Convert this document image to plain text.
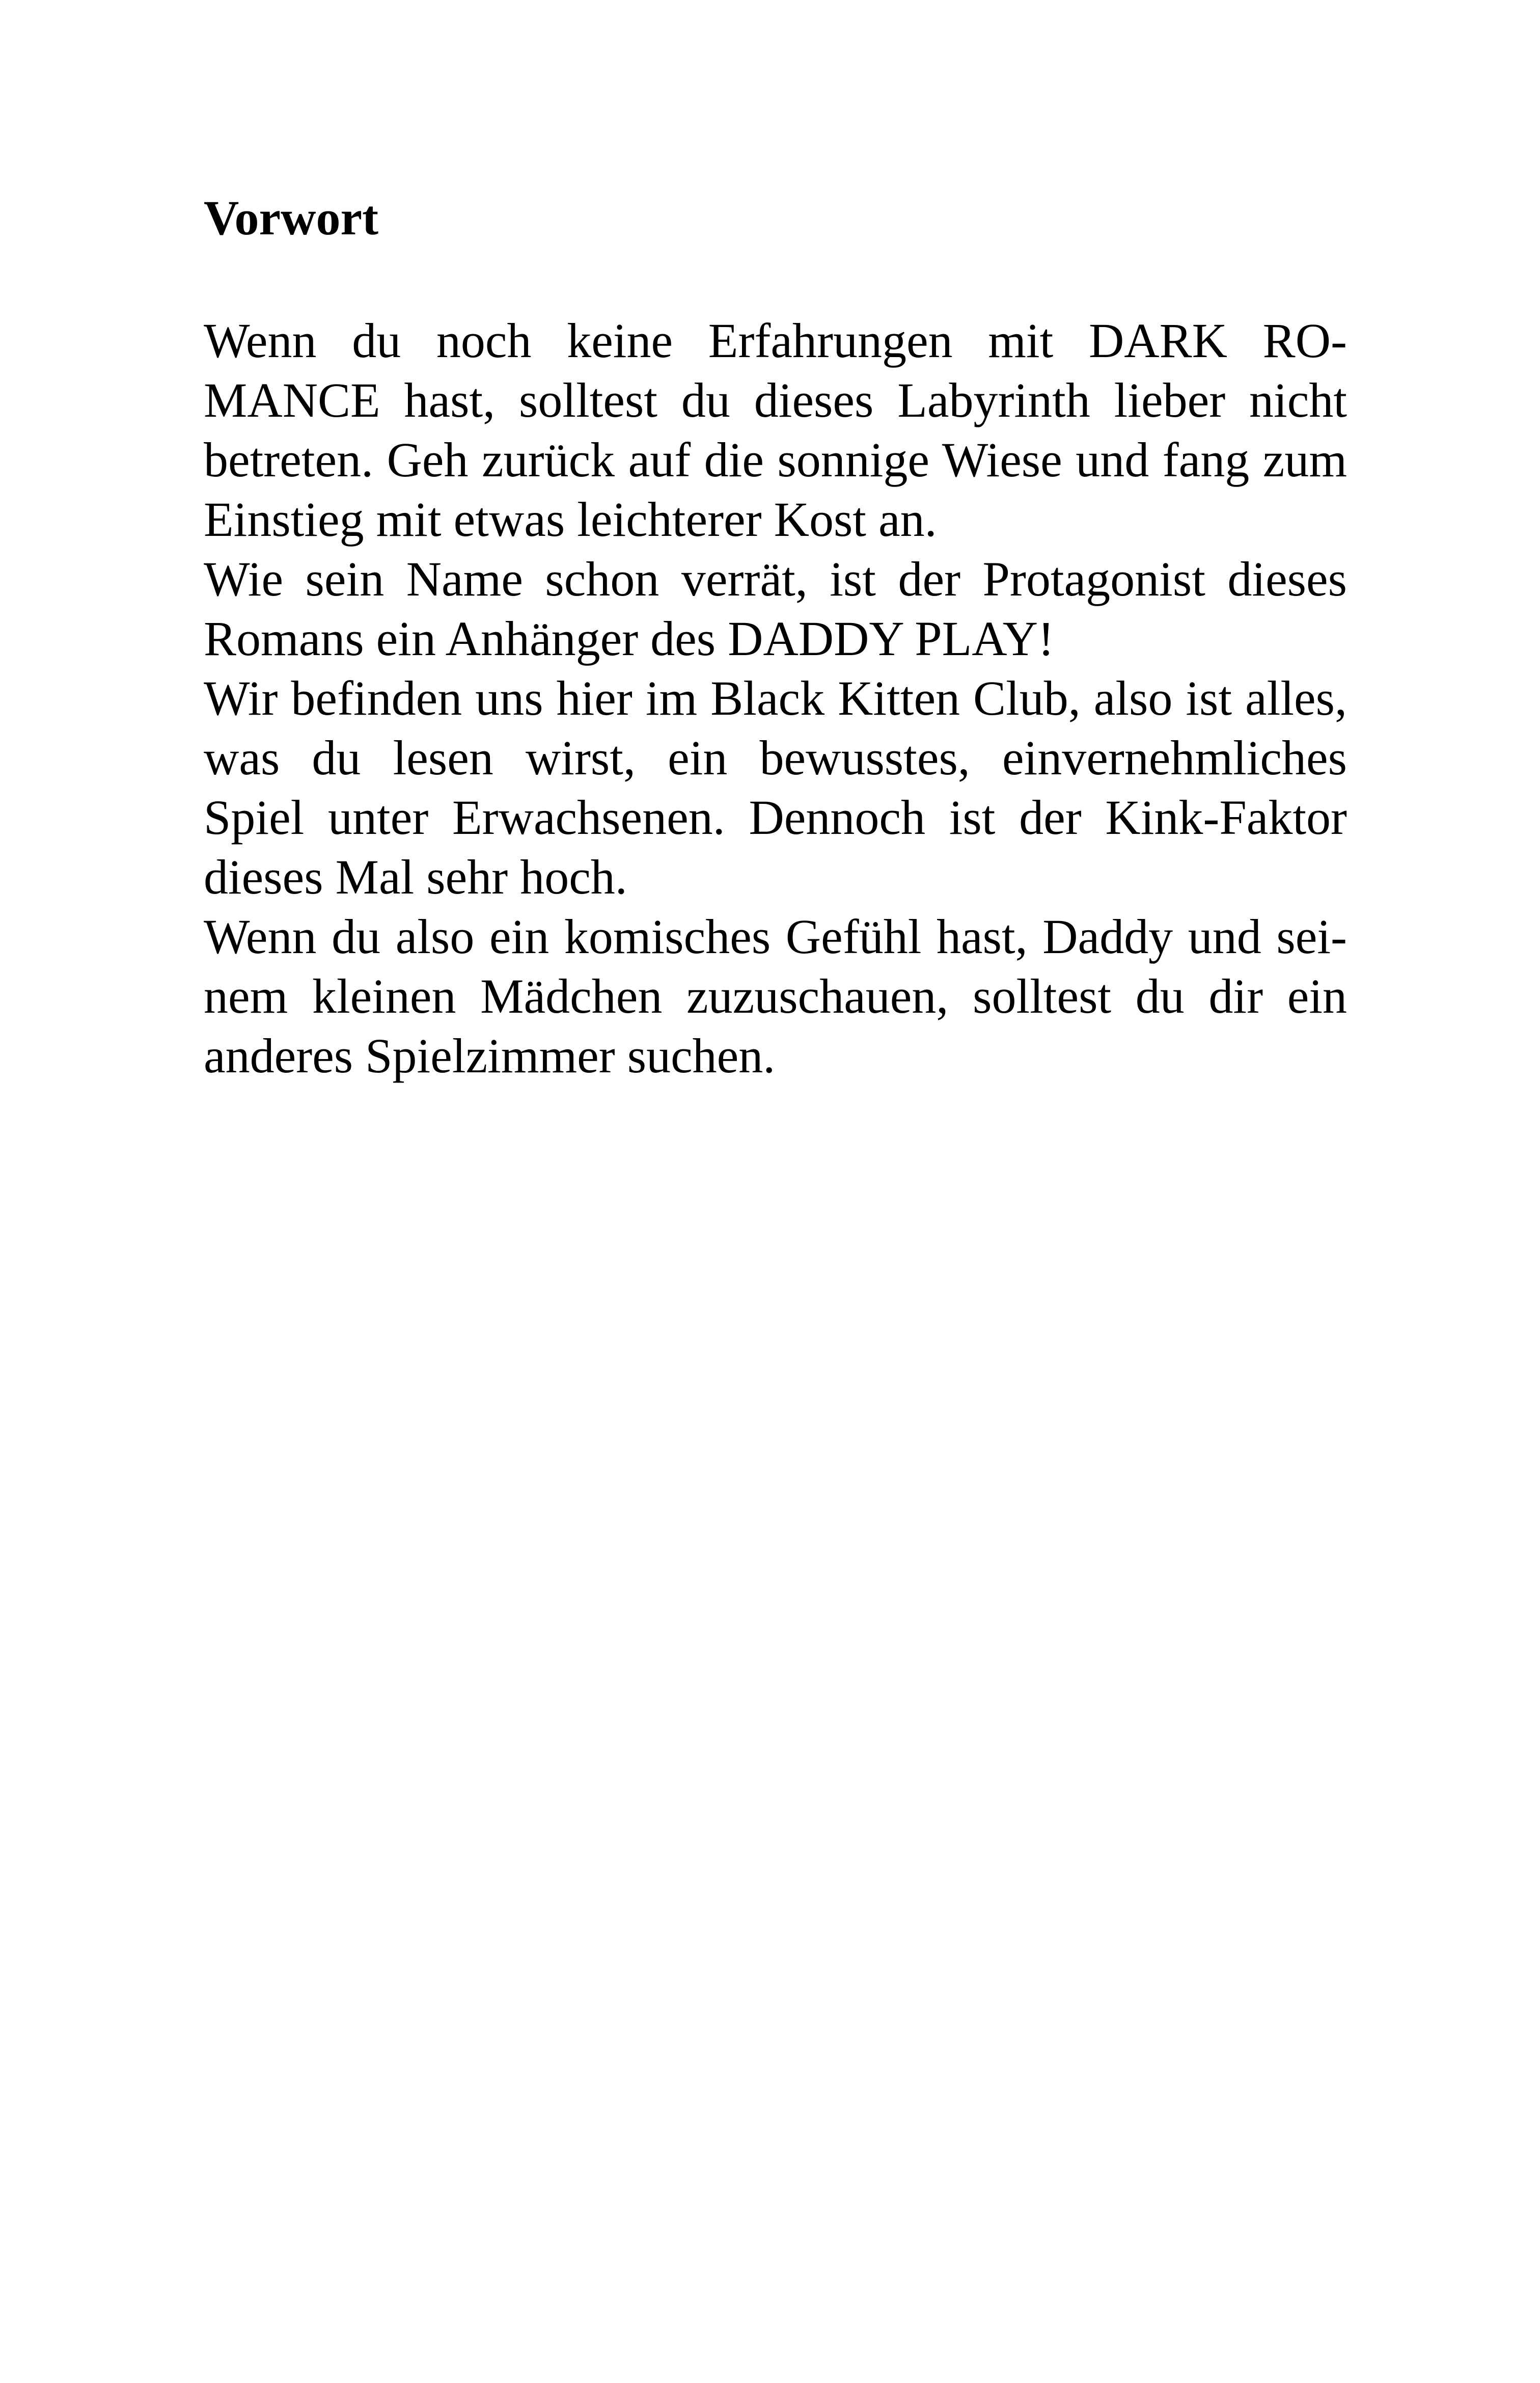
Vorwort
Wenn du noch keine Erfahrungen mit DARK RO-
MANCE hast, solltest du dieses Labyrinth lieber nicht
betreten. Geh zurück auf die sonnige Wiese und fang zum
Einstieg mit etwas leichterer Kost an.
Wie sein Name schon verrät, ist der Protagonist dieses
Romans ein Anhänger des DADDY PLAY!
Wir befinden uns hier im Black Kitten Club, also ist alles,
was du lesen wirst, ein bewusstes, einvernehmliches
Spiel unter Erwachsenen. Dennoch ist der Kink-Faktor
dieses Mal sehr hoch.
Wenn du also ein komisches Gefühl hast, Daddy und sei-
nem kleinen Mädchen zuzuschauen, solltest du dir ein
anderes Spielzimmer suchen.
